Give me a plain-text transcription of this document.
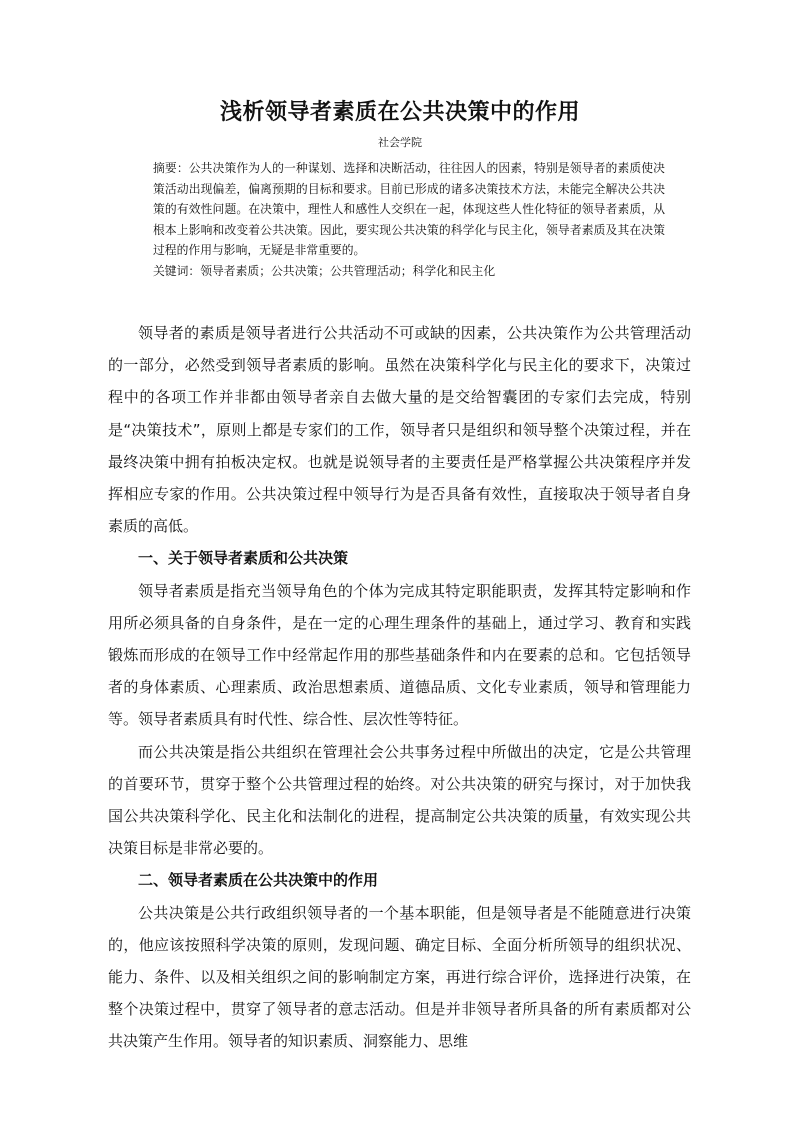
浅析领导者素质在公共决策中的作用
社会学院

摘要：公共决策作为人的一种谋划、选择和决断活动，往往因人的因素，特别是领导者的素质使决策活动出现偏差，偏离预期的目标和要求。目前已形成的诸多决策技术方法，未能完全解决公共决策的有效性问题。在决策中，理性人和感性人交织在一起，体现这些人性化特征的领导者素质，从根本上影响和改变着公共决策。因此，要实现公共决策的科学化与民主化，领导者素质及其在决策过程的作用与影响，无疑是非常重要的。

关键词：领导者素质；公共决策；公共管理活动；科学化和民主化

领导者的素质是领导者进行公共活动不可或缺的因素，公共决策作为公共管理活动的一部分，必然受到领导者素质的影响。虽然在决策科学化与民主化的要求下，决策过程中的各项工作并非都由领导者亲自去做大量的是交给智囊团的专家们去完成，特别是“决策技术”，原则上都是专家们的工作，领导者只是组织和领导整个决策过程，并在最终决策中拥有拍板决定权。也就是说领导者的主要责任是严格掌握公共决策程序并发挥相应专家的作用。公共决策过程中领导行为是否具备有效性，直接取决于领导者自身素质的高低。

一、关于领导者素质和公共决策

领导者素质是指充当领导角色的个体为完成其特定职能职责，发挥其特定影响和作用所必须具备的自身条件，是在一定的心理生理条件的基础上，通过学习、教育和实践锻炼而形成的在领导工作中经常起作用的那些基础条件和内在要素的总和。它包括领导者的身体素质、心理素质、政治思想素质、道德品质、文化专业素质，领导和管理能力等。领导者素质具有时代性、综合性、层次性等特征。

而公共决策是指公共组织在管理社会公共事务过程中所做出的决定，它是公共管理的首要环节，贯穿于整个公共管理过程的始终。对公共决策的研究与探讨，对于加快我国公共决策科学化、民主化和法制化的进程，提高制定公共决策的质量，有效实现公共决策目标是非常必要的。

二、领导者素质在公共决策中的作用

公共决策是公共行政组织领导者的一个基本职能，但是领导者是不能随意进行决策的，他应该按照科学决策的原则，发现问题、确定目标、全面分析所领导的组织状况、能力、条件、以及相关组织之间的影响制定方案，再进行综合评价，选择进行决策，在整个决策过程中，贯穿了领导者的意志活动。但是并非领导者所具备的所有素质都对公共决策产生作用。领导者的知识素质、洞察能力、思维
